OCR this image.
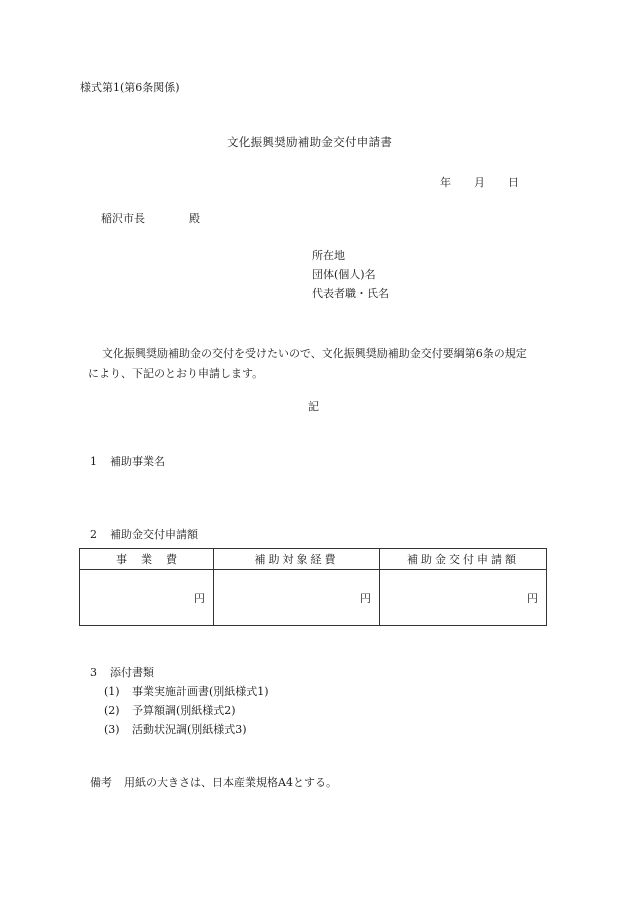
様式第1(第6条関係)
文化振興奨励補助金交付申請書
年 月 日
稲沢市長	殿
所在地
団体(個人)名
代表者職・氏名
文化振興奨励補助金の交付を受けたいので、文化振興奨励補助金交付要綱第6条の規定
により、下記のとおり申請します。
記
1 補助事業名
2 補助金交付申請額
事業費	補助対象経費	補助金交付申請額
円	円	円
3 添付書類
(1) 事業実施計画書(別紙様式1)
(2) 予算額調(別紙様式2)
(3) 活動状況調(別紙様式3)
備考 用紙の大きさは、日本産業規格A4とする。
